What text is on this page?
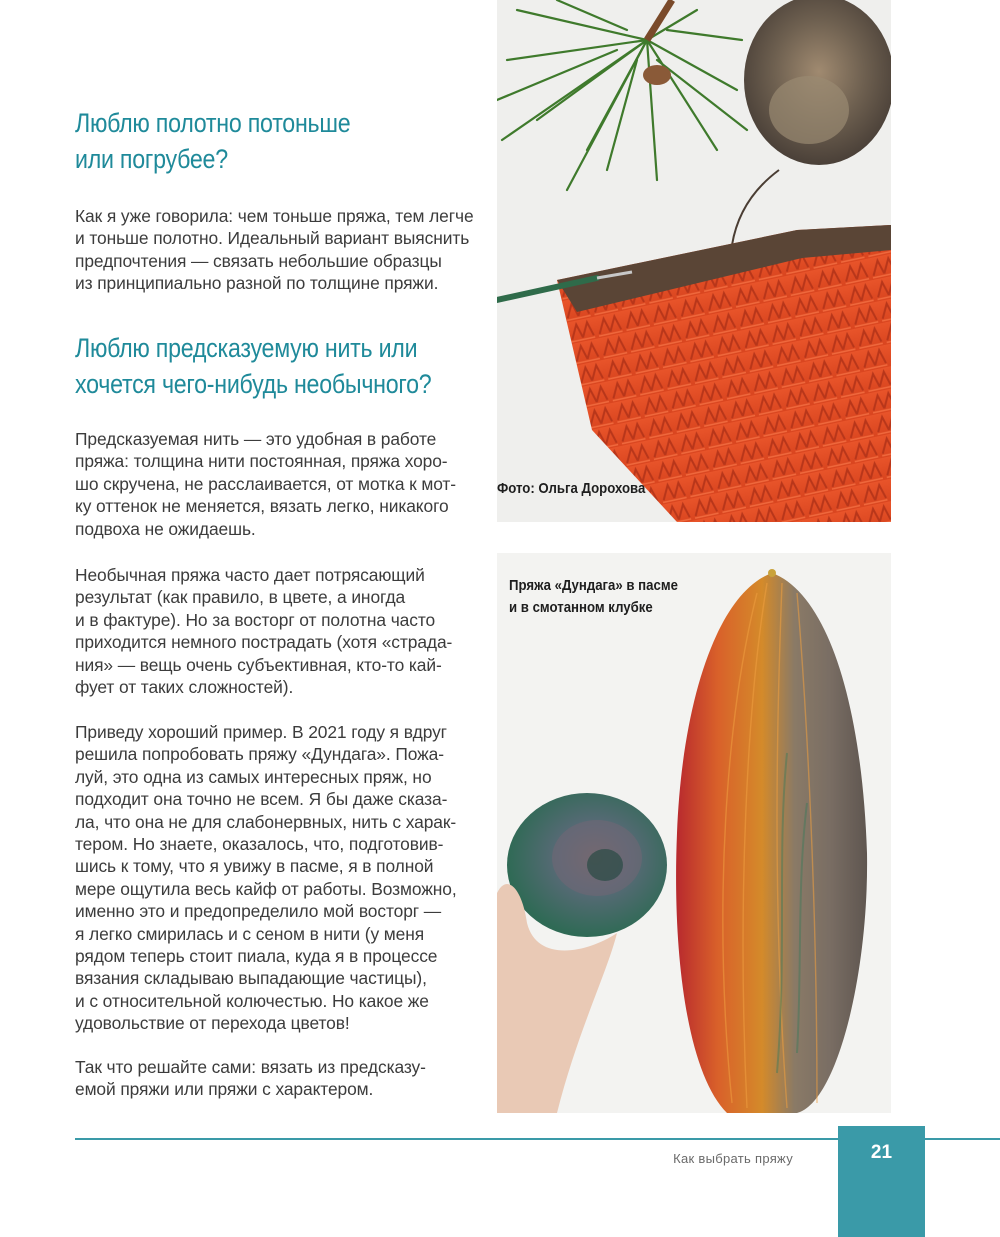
Люблю полотно потоньше
или погрубее?

Как я уже говорила: чем тоньше пряжа, тем легче
и тоньше полотно. Идеальный вариант выяснить
предпочтения — связать небольшие образцы
из принципиально разной по толщине пряжи.

Люблю предсказуемую нить или
хочется чего-нибудь необычного?

Предсказуемая нить — это удобная в работе
пряжа: толщина нити постоянная, пряжа хоро-
шо скручена, не расслаивается, от мотка к мот-
ку оттенок не меняется, вязать легко, никакого
подвоха не ожидаешь.

Необычная пряжа часто дает потрясающий
результат (как правило, в цвете, а иногда
и в фактуре). Но за восторг от полотна часто
приходится немного пострадать (хотя «страда-
ния» — вещь очень субъективная, кто-то кай-
фует от таких сложностей).

Приведу хороший пример. В 2021 году я вдруг
решила попробовать пряжу «Дундага». Пожа-
луй, это одна из самых интересных пряж, но
подходит она точно не всем. Я бы даже сказа-
ла, что она не для слабонервных, нить с харак-
тером. Но знаете, оказалось, что, подготовив-
шись к тому, что я увижу в пасме, я в полной
мере ощутила весь кайф от работы. Возможно,
именно это и предопределило мой восторг —
я легко смирилась и с сеном в нити (у меня
рядом теперь стоит пиала, куда я в процессе
вязания складываю выпадающие частицы),
и с относительной колючестью. Но какое же
удовольствие от перехода цветов!

Так что решайте сами: вязать из предсказу-
емой пряжи или пряжи с характером.

Фото: Ольга Дорохова
Пряжа «Дундага» в пасме
и в смотанном клубке
Как выбрать пряжу	21
